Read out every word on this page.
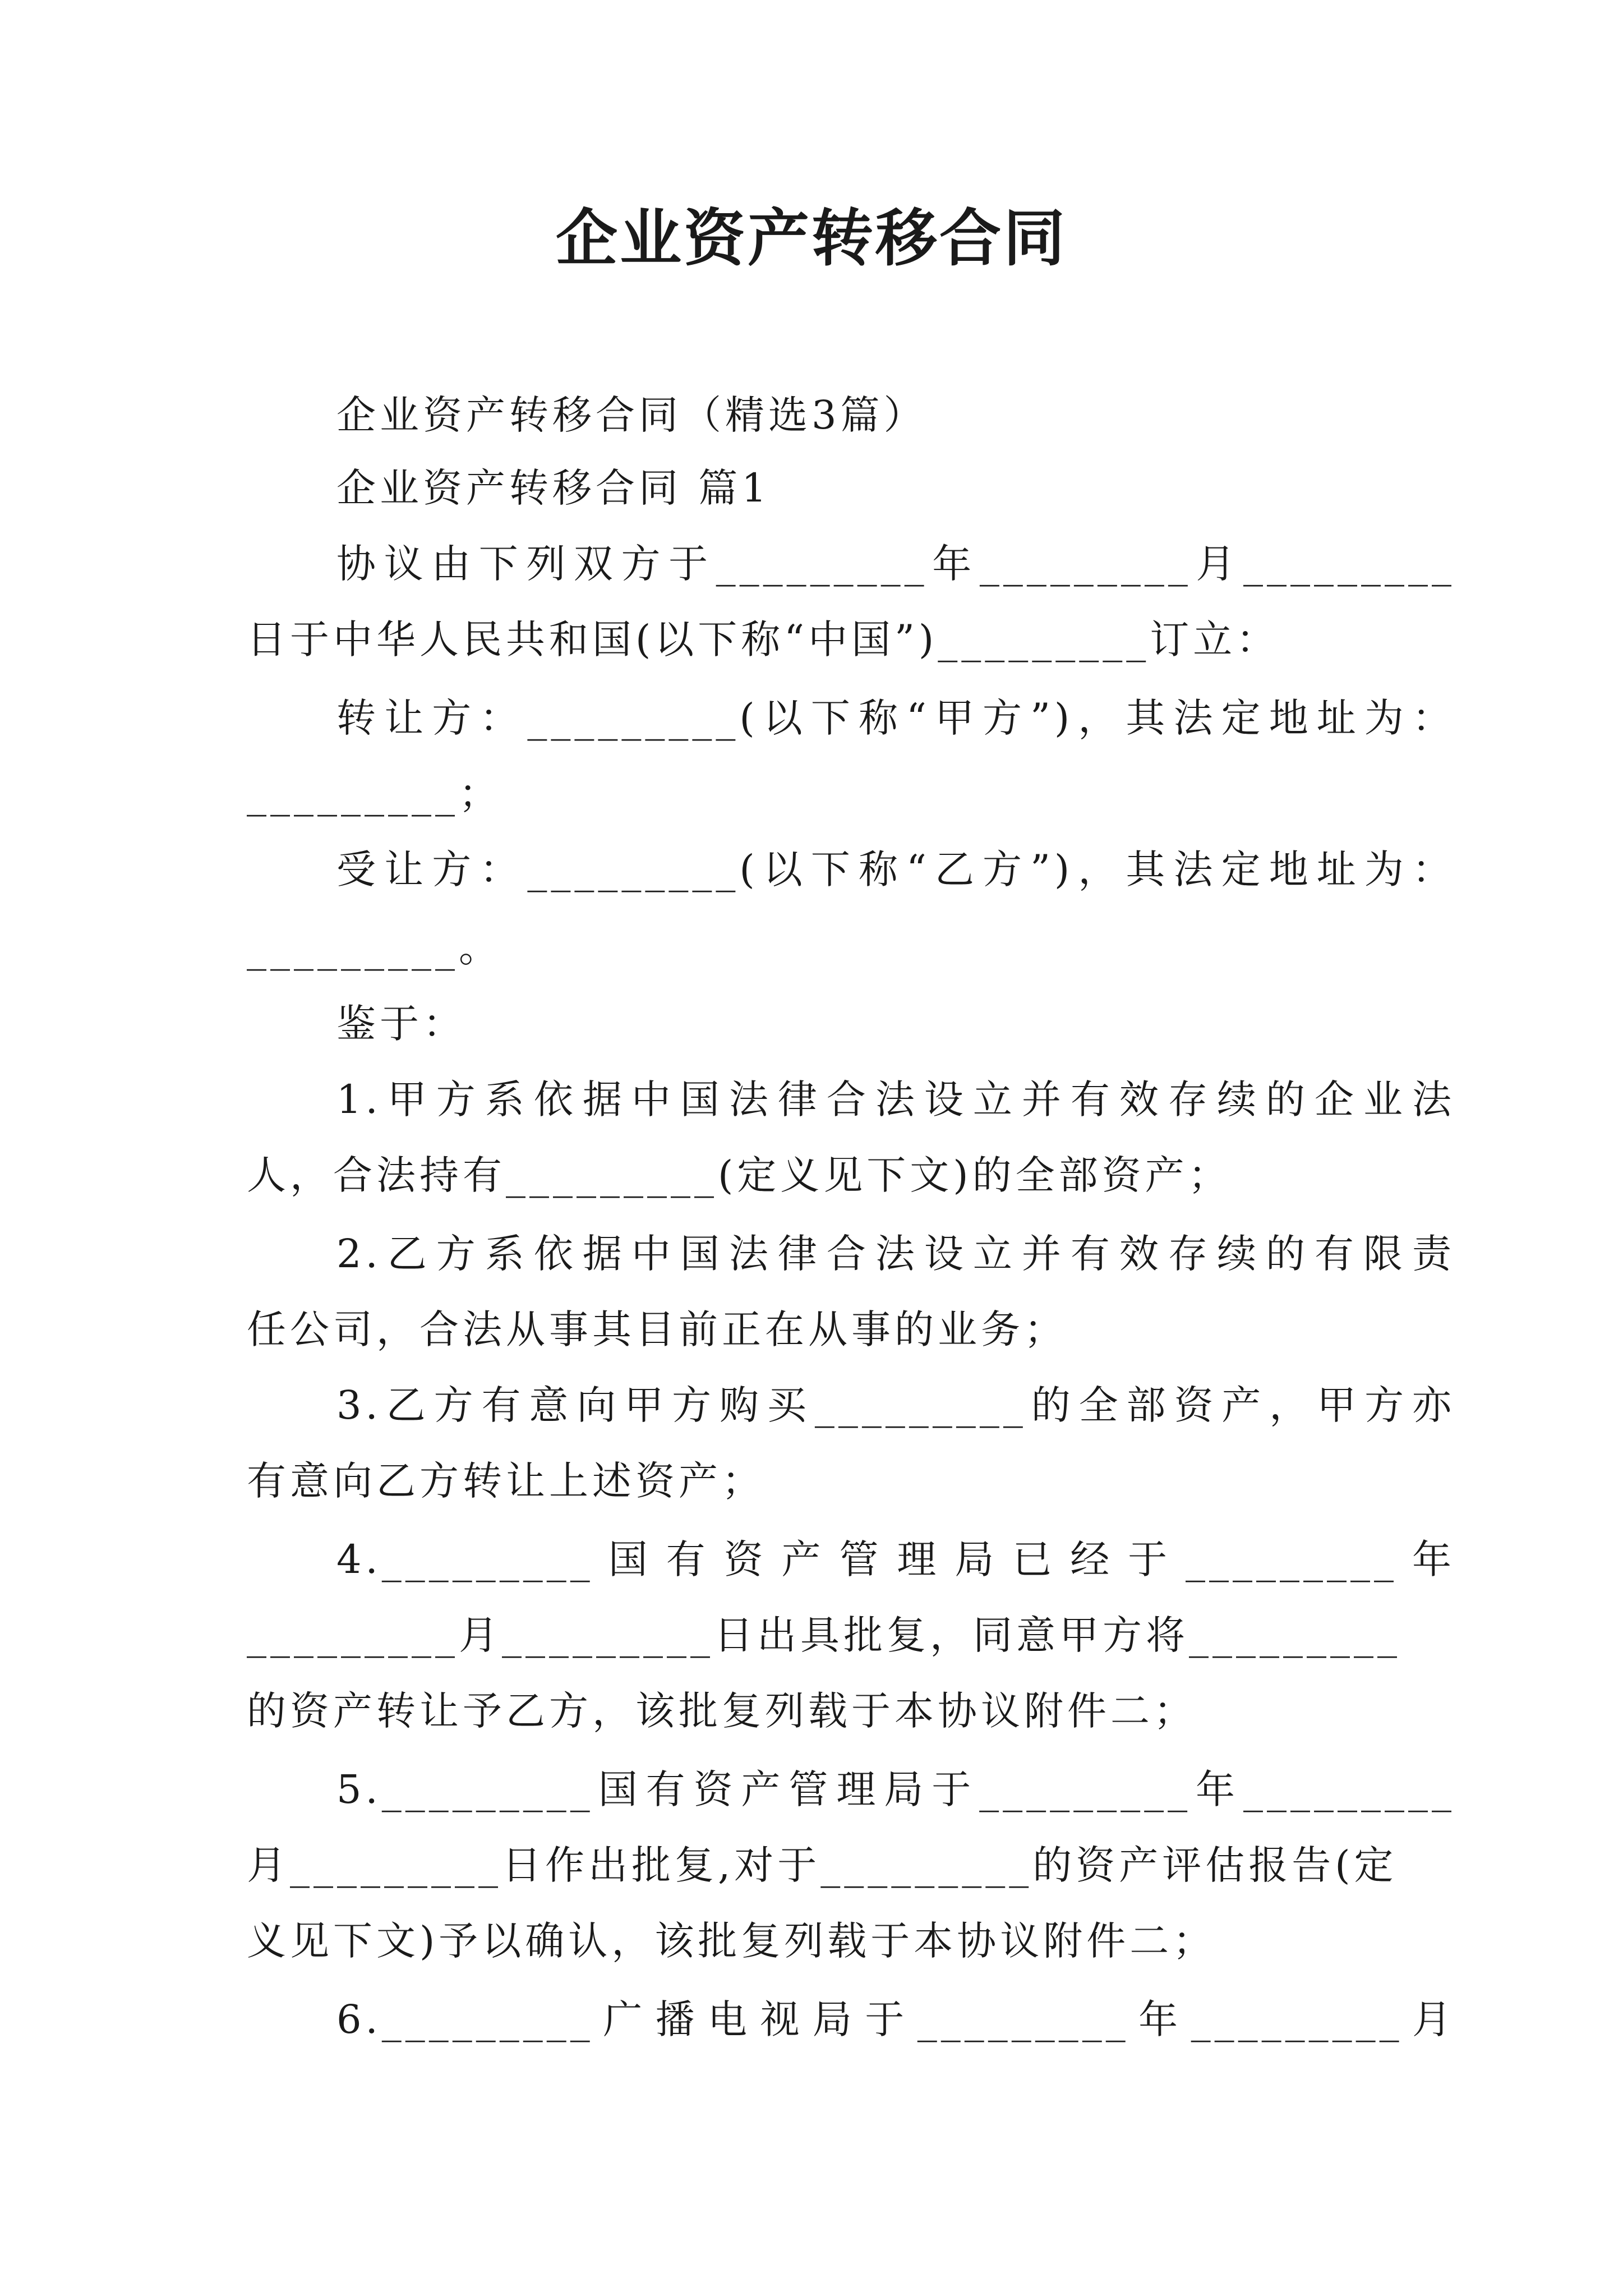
企业资产转移合同
企业资产转移合同（精选3篇）
企业资产转移合同 篇1
协议由下列双方于_________年_________月_________
日于中华人民共和国(以下称“中国”)_________订立：
转让方：_________(以下称“甲方”)，其法定地址为：
_________；
受让方：_________(以下称“乙方”)，其法定地址为：
_________。
鉴于：
1.甲方系依据中国法律合法设立并有效存续的企业法
人，合法持有_________(定义见下文)的全部资产；
2.乙方系依据中国法律合法设立并有效存续的有限责
任公司，合法从事其目前正在从事的业务；
3.乙方有意向甲方购买_________的全部资产，甲方亦
有意向乙方转让上述资产；
4._________国有资产管理局已经于_________年
_________月_________日出具批复，同意甲方将_________
的资产转让予乙方，该批复列载于本协议附件二；
5._________国有资产管理局于_________年_________
月_________日作出批复,对于_________的资产评估报告(定
义见下文)予以确认，该批复列载于本协议附件二；
6._________广播电视局于_________年_________月
